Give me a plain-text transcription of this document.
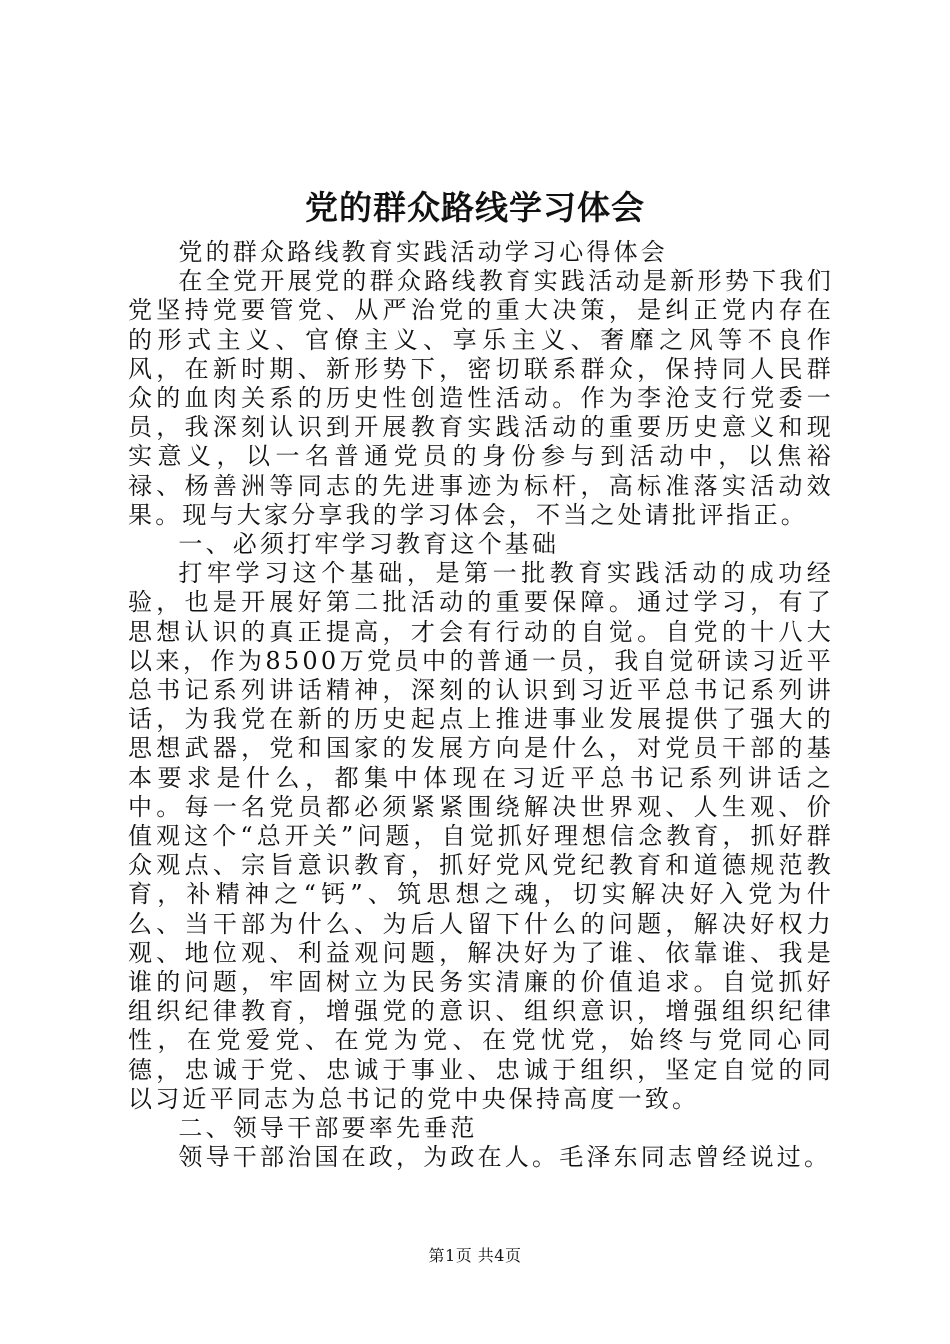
党的群众路线学习体会

党的群众路线教育实践活动学习心得体会

在全党开展党的群众路线教育实践活动是新形势下我们党坚持党要管党、从严治党的重大决策，是纠正党内存在的形式主义、官僚主义、享乐主义、奢靡之风等不良作风，在新时期、新形势下，密切联系群众，保持同人民群众的血肉关系的历史性创造性活动。作为李沧支行党委一员，我深刻认识到开展教育实践活动的重要历史意义和现实意义，以一名普通党员的身份参与到活动中，以焦裕禄、杨善洲等同志的先进事迹为标杆，高标准落实活动效果。现与大家分享我的学习体会，不当之处请批评指正。

一、必须打牢学习教育这个基础

打牢学习这个基础，是第一批教育实践活动的成功经验，也是开展好第二批活动的重要保障。通过学习，有了思想认识的真正提高，才会有行动的自觉。自党的十八大以来，作为8500万党员中的普通一员，我自觉研读习近平总书记系列讲话精神，深刻的认识到习近平总书记系列讲话，为我党在新的历史起点上推进事业发展提供了强大的思想武器，党和国家的发展方向是什么，对党员干部的基本要求是什么，都集中体现在习近平总书记系列讲话之中。每一名党员都必须紧紧围绕解决世界观、人生观、价值观这个“总开关”问题，自觉抓好理想信念教育，抓好群众观点、宗旨意识教育，抓好党风党纪教育和道德规范教育，补精神之“钙”、筑思想之魂，切实解决好入党为什么、当干部为什么、为后人留下什么的问题，解决好权力观、地位观、利益观问题，解决好为了谁、依靠谁、我是谁的问题，牢固树立为民务实清廉的价值追求。自觉抓好组织纪律教育，增强党的意识、组织意识，增强组织纪律性，在党爱党、在党为党、在党忧党，始终与党同心同德，忠诚于党、忠诚于事业、忠诚于组织，坚定自觉的同以习近平同志为总书记的党中央保持高度一致。

二、领导干部要率先垂范

领导干部治国在政，为政在人。毛泽东同志曾经说过。

第1页 共4页
